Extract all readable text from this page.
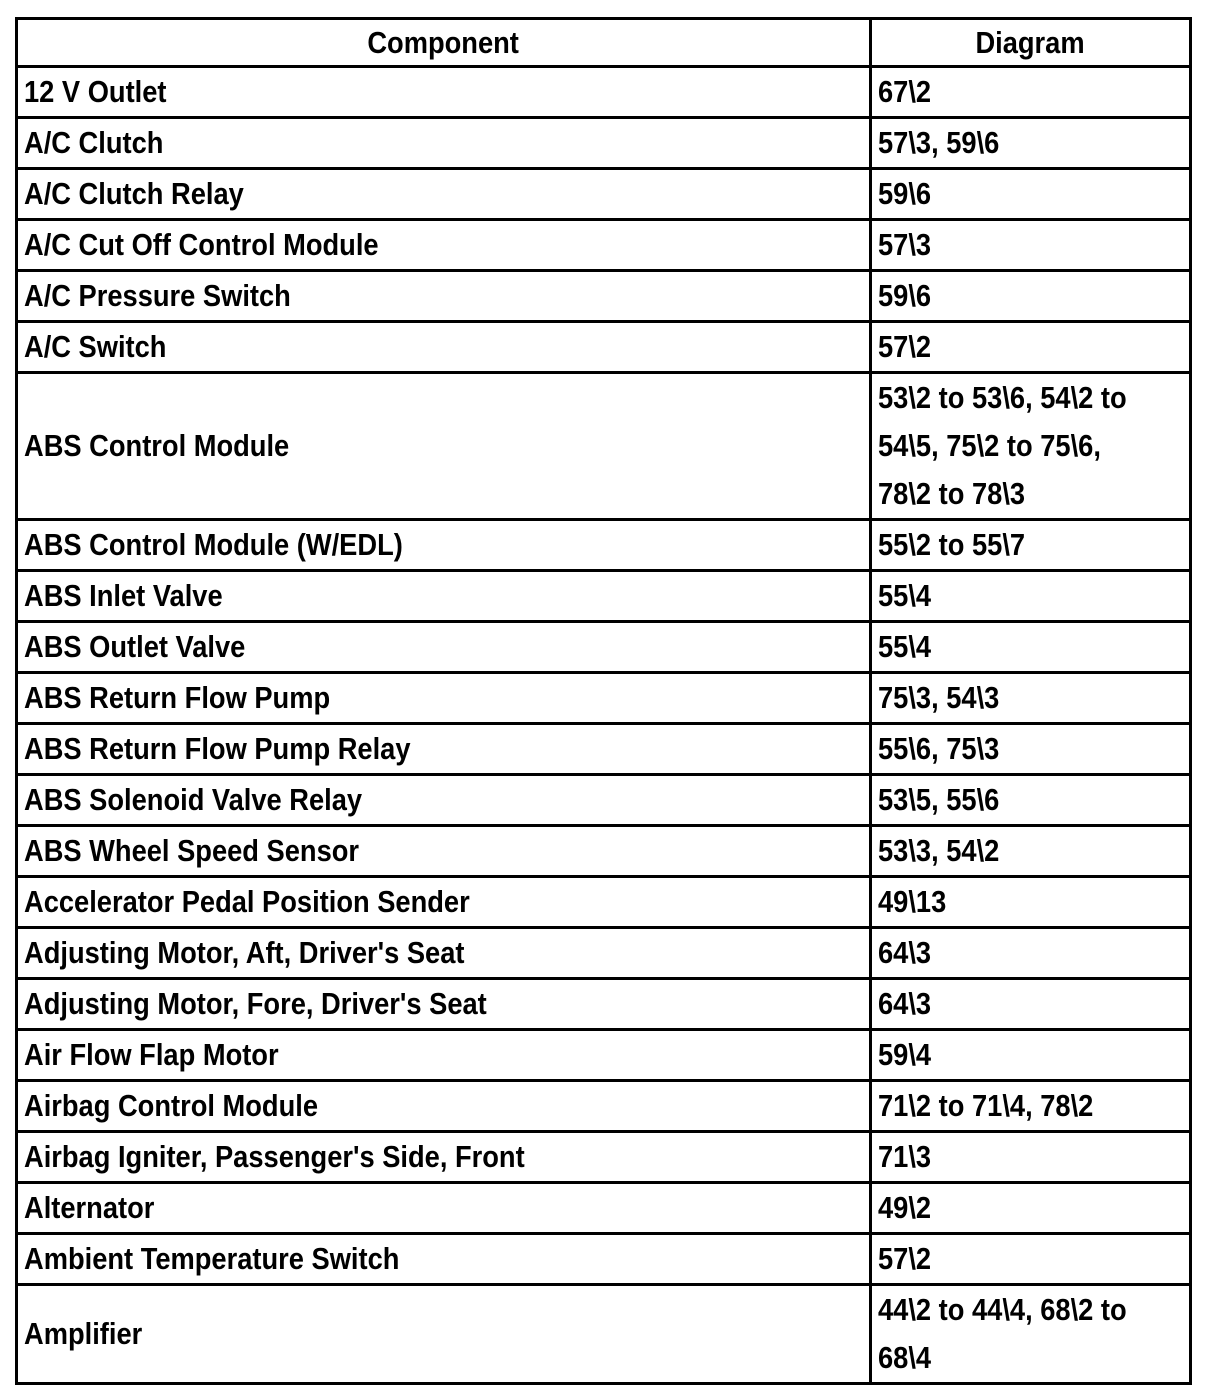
Component	Diagram
12 V Outlet	67\2
A/C Clutch	57\3, 59\6
A/C Clutch Relay	59\6
A/C Cut Off Control Module	57\3
A/C Pressure Switch	59\6
A/C Switch	57\2
ABS Control Module	53\2 to 53\6, 54\2 to
54\5, 75\2 to 75\6,
78\2 to 78\3

ABS Control Module (W/EDL)	55\2 to 55\7
ABS Inlet Valve	55\4
ABS Outlet Valve	55\4
ABS Return Flow Pump	75\3, 54\3
ABS Return Flow Pump Relay	55\6, 75\3
ABS Solenoid Valve Relay	53\5, 55\6
ABS Wheel Speed Sensor	53\3, 54\2
Accelerator Pedal Position Sender	49\13
Adjusting Motor, Aft, Driver's Seat	64\3
Adjusting Motor, Fore, Driver's Seat	64\3
Air Flow Flap Motor	59\4
Airbag Control Module	71\2 to 71\4, 78\2
Airbag Igniter, Passenger's Side, Front	71\3
Alternator	49\2
Ambient Temperature Switch	57\2
Amplifier	44\2 to 44\4, 68\2 to
68\4
